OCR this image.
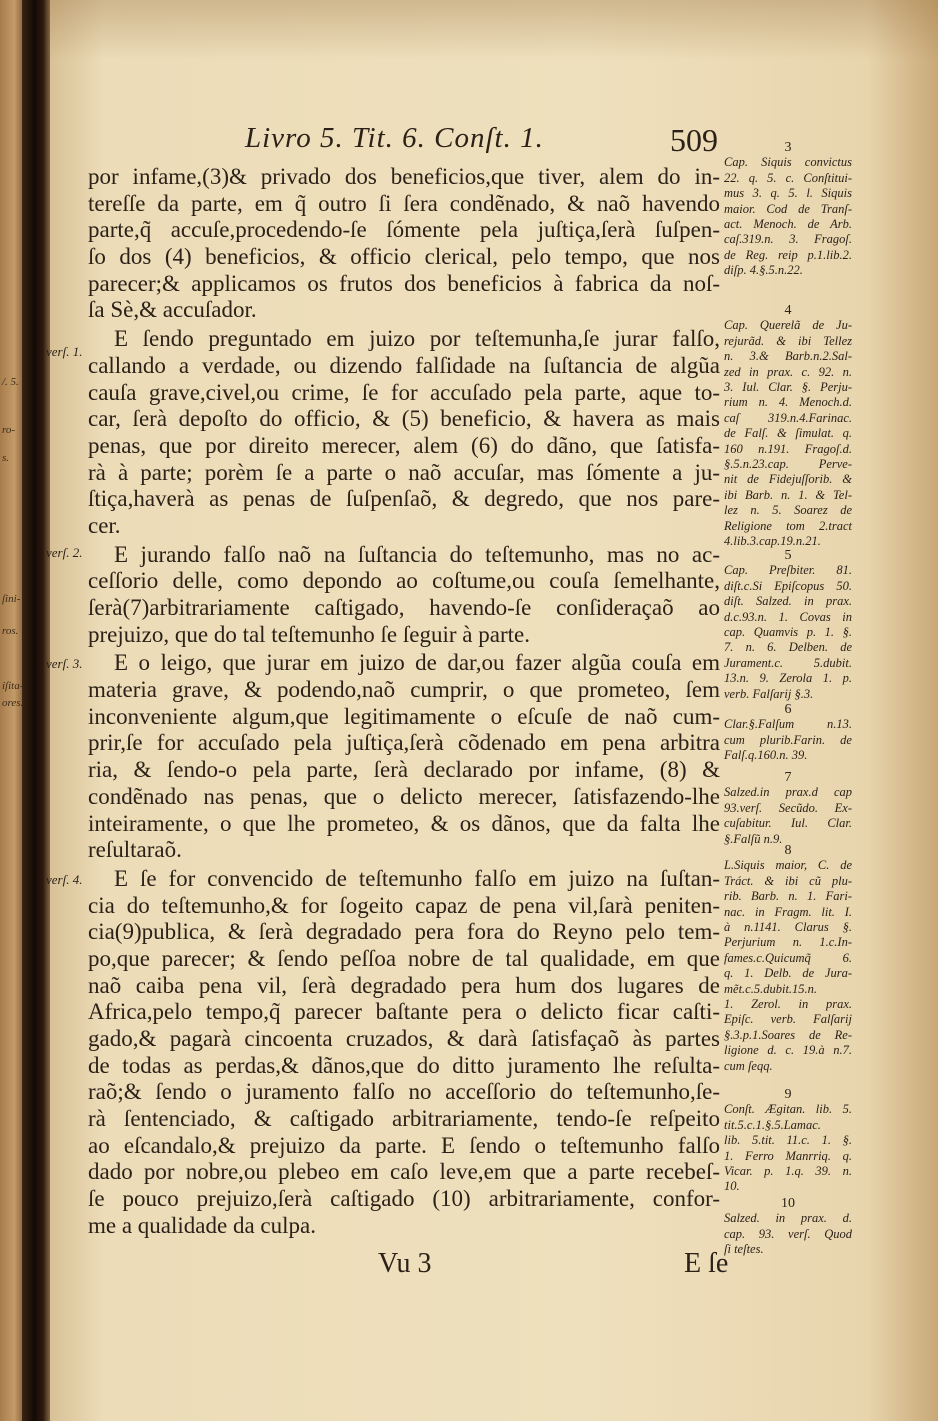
Livro 5. Tit. 6. Conſt. 1.	509
por infame,(3)& privado dos beneficios,que tiver, alem do in-
tereſſe da parte, em q̃ outro ſi ſera condẽnado, & naõ havendo
parte,q̃ accuſe,procedendo-ſe ſómente pela juſtiça,ſerà ſuſpen-
ſo dos (4) beneficios, & officio clerical, pelo tempo, que nos
parecer;& applicamos os frutos dos beneficios à fabrica da noſ-
ſa Sè,& accuſador.
E ſendo preguntado em juizo por teſtemunha,ſe jurar falſo,
callando a verdade, ou dizendo falſidade na ſuſtancia de algũa
cauſa grave,civel,ou crime, ſe for accuſado pela parte, aque to-
car, ſerà depoſto do officio, & (5) beneficio, & havera as mais
penas, que por direito merecer, alem (6) do dãno, que ſatisfa-
rà à parte; porèm ſe a parte o naõ accuſar, mas ſómente a ju-
ſtiça,haverà as penas de ſuſpenſaõ, & degredo, que nos pare-
cer.
E jurando falſo naõ na ſuſtancia do teſtemunho, mas no ac-
ceſſorio delle, como depondo ao coſtume,ou couſa ſemelhante,
ſerà(7)arbitrariamente caſtigado, havendo-ſe conſideraçaõ ao
prejuizo, que do tal teſtemunho ſe ſeguir à parte.
E o leigo, que jurar em juizo de dar,ou fazer algũa couſa em
materia grave, & podendo,naõ cumprir, o que prometeo, ſem
inconveniente algum,que legitimamente o eſcuſe de naõ cum-
prir,ſe for accuſado pela juſtiça,ſerà cõdenado em pena arbitra
ria, & ſendo-o pela parte, ſerà declarado por infame, (8) &
condẽnado nas penas, que o delicto merecer, ſatisfazendo-lhe
inteiramente, o que lhe prometeo, & os dãnos, que da falta lhe
reſultaraõ.
E ſe for convencido de teſtemunho falſo em juizo na ſuſtan-
cia do teſtemunho,& for ſogeito capaz de pena vil,ſarà peniten-
cia(9)publica, & ſerà degradado pera fora do Reyno pelo tem-
po,que parecer; & ſendo peſſoa nobre de tal qualidade, em que
naõ caiba pena vil, ſerà degradado pera hum dos lugares de
Africa,pelo tempo,q̃ parecer baſtante pera o delicto ficar caſti-
gado,& pagarà cincoenta cruzados, & darà ſatisfaçaõ às partes
de todas as perdas,& dãnos,que do ditto juramento lhe reſulta-
raõ;& ſendo o juramento falſo no acceſſorio do teſtemunho,ſe-
rà ſentenciado, & caſtigado arbitrariamente, tendo-ſe reſpeito
ao eſcandalo,& prejuizo da parte. E ſendo o teſtemunho falſo
dado por nobre,ou plebeo em caſo leve,em que a parte recebeſ-
ſe pouco prejuizo,ſerà caſtigado (10) arbitrariamente, confor-
me a qualidade da culpa.
verſ. 1.
verſ. 2.
verſ. 3.
verſ. 4.
/. 5.
ro-
s.
ſini-
ros.
iſita-
ores.
3
Cap. Siquis convictus
22. q. 5. c. Conſtitui-
mus 3. q. 5. l. Siquis
maior. Cod de Tranſ-
act. Menoch. de Arb.
caſ.319.n. 3. Fragoſ.
de Reg. reip p.1.lib.2.
diſp. 4.§.5.n.22.
4
Cap. Querelã de Ju-
rejurãd. & ibi Tellez
n. 3.& Barb.n.2.Sal-
zed in prax. c. 92. n.
3. Iul. Clar. §. Perju-
rium n. 4. Menoch.d.
caſ 319.n.4.Farinac.
de Falſ. & ſimulat. q.
160 n.191. Fragoſ.d.
§.5.n.23.cap. Perve-
nit de Fidejuſſorib. &
ibi Barb. n. 1. & Tel-
lez n. 5. Soarez de
Religione tom 2.tract
4.lib.3.cap.19.n.21.
5
Cap. Preſbiter. 81.
diſt.c.Si Epiſcopus 50.
diſt. Salzed. in prax.
d.c.93.n. 1. Covas in
cap. Quamvis p. 1. §.
7. n. 6. Delben. de
Jurament.c. 5.dubit.
13.n. 9. Zerola 1. p.
verb. Falſarij §.3.
6
Clar.§.Falſum n.13.
cum plurib.Farin. de
Falſ.q.160.n. 39.
7
Salzed.in prax.d cap
93.verſ. Secũdo. Ex-
cuſabitur. Iul. Clar.
§.Falſũ n.9.
8
L.Siquis maior, C. de
Tráct. & ibi cũ plu-
rib. Barb. n. 1. Fari-
nac. in Fragm. lit. I.
à n.1141. Clarus §.
Perjurium n. 1.c.In-
fames.c.Quicumq̃ 6.
q. 1. Delb. de Jura-
mẽt.c.5.dubit.15.n.
1. Zerol. in prax.
Epiſc. verb. Falſarij
§.3.p.1.Soares de Re-
ligione d. c. 19.à n.7.
cum ſeqq.
9
Conſt. Ægitan. lib. 5.
tit.5.c.1.§.5.Lamac.
lib. 5.tit. 11.c. 1. §.
1. Ferro Manrriq. q.
Vicar. p. 1.q. 39. n.
10.
10
Salzed. in prax. d.
cap. 93. verſ. Quod
ſi teſtes.
Vu 3	E ſe
